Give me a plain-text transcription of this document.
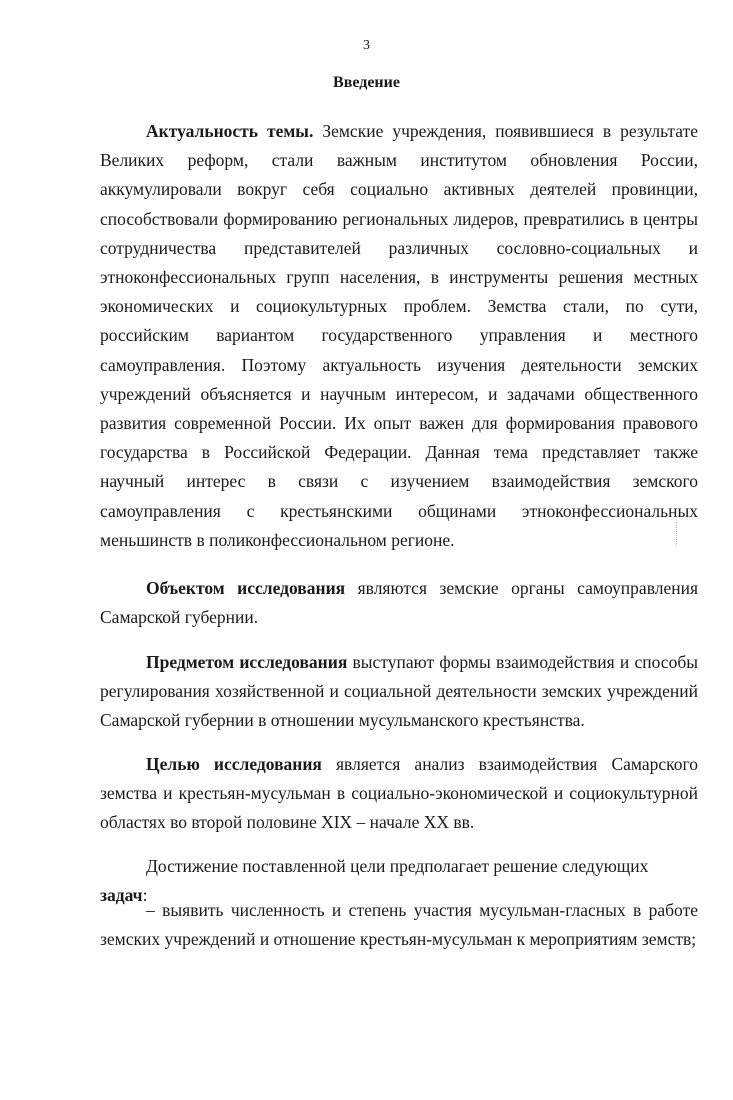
3
Введение

Актуальность темы. Земские учреждения, появившиеся в результате Великих реформ, стали важным институтом обновления России, аккумулировали вокруг себя социально активных деятелей провинции, способствовали формированию региональных лидеров, превратились в центры сотрудничества представителей различных сословно-социальных и этноконфессиональных групп населения, в инструменты решения местных экономических и социокультурных проблем. Земства стали, по сути, российским вариантом государственного управления и местного самоуправления. Поэтому актуальность изучения деятельности земских учреждений объясняется и научным интересом, и задачами общественного развития современной России. Их опыт важен для формирования правового государства в Российской Федерации. Данная тема представляет также научный интерес в связи с изучением взаимодействия земского самоуправления с крестьянскими общинами этноконфессиональных меньшинств в поликонфессиональном регионе.

Объектом исследования являются земские органы самоуправления Самарской губернии.

Предметом исследования выступают формы взаимодействия и способы регулирования хозяйственной и социальной деятельности земских учреждений Самарской губернии в отношении мусульманского крестьянства.

Целью исследования является анализ взаимодействия Самарского земства и крестьян-мусульман в социально-экономической и социокультурной областях во второй половине XIX – начале XX вв.

Достижение поставленной цели предполагает решение следующих задач:

– выявить численность и степень участия мусульман-гласных в работе земских учреждений и отношение крестьян-мусульман к мероприятиям земств;
